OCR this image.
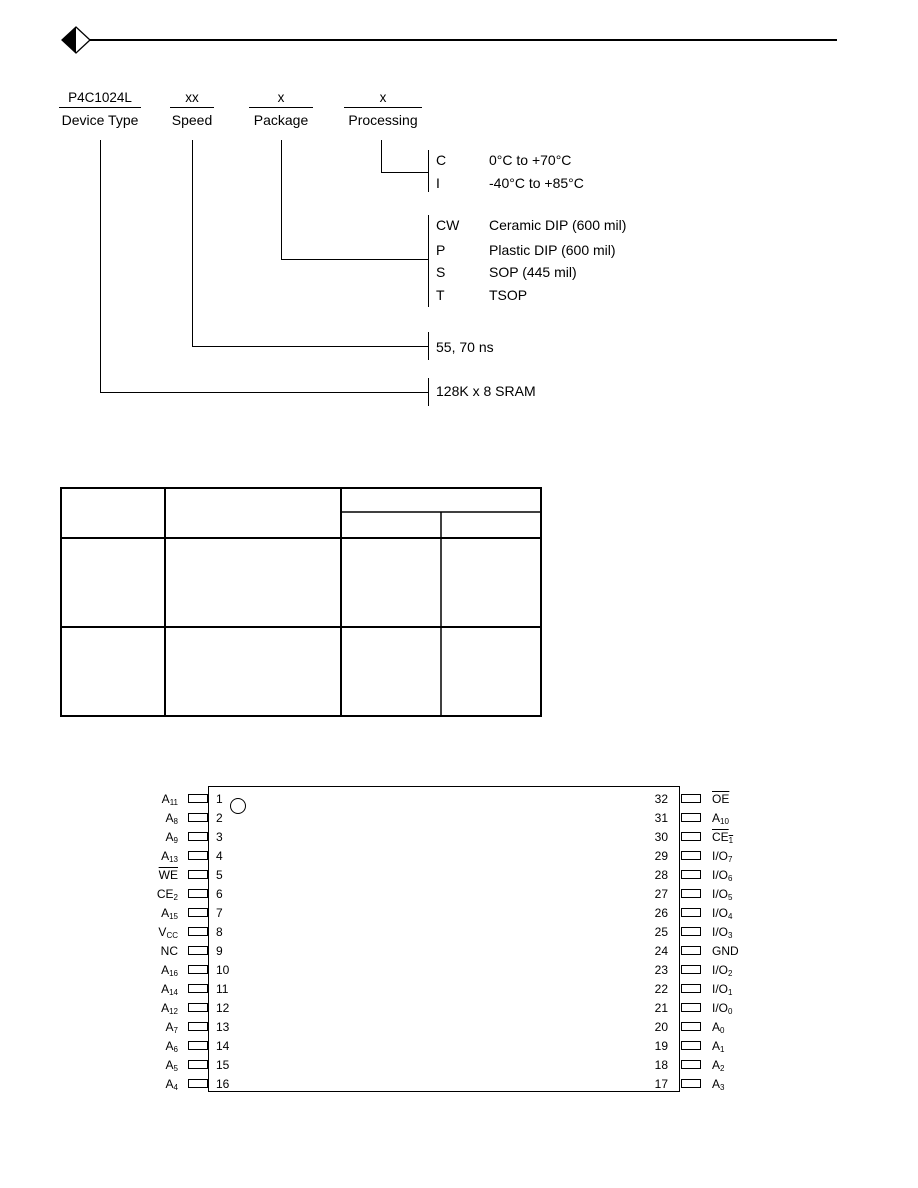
P4C1024L
Device Type
xx
Speed
x
Package
x
Processing
C	0°C to +70°C
I	-40°C to +85°C
CW Ceramic DIP (600 mil)
P	Plastic DIP (600 mil)
S	SOP (445 mil)
T	TSOP
55, 70 ns
128K x 8 SRAM
$A_{11}$	1
$A_8$	2
$A_9$	3
$A_{13}$	4
$\overline{WE}$	5
$CE_2$	6
$A_{15}$	7
$V_{CC}$	8
NC	9
$A_{16}$	10
$A_{14}$	11
$A_{12}$	12
$A_7$	13
$A_6$	14
$A_5$	15
$A_4$	16
32	$\overline{OE}$
31	$A_{10}$
30	$\overline{CE}_1$
29	$I/O_7$
28	$I/O_6$
27	$I/O_5$
26	$I/O_4$
25	$I/O_3$
24	GND
23	$I/O_2$
22	$I/O_1$
21	$I/O_0$
20	$A_0$
19	$A_1$
18	$A_2$
17	$A_3$
